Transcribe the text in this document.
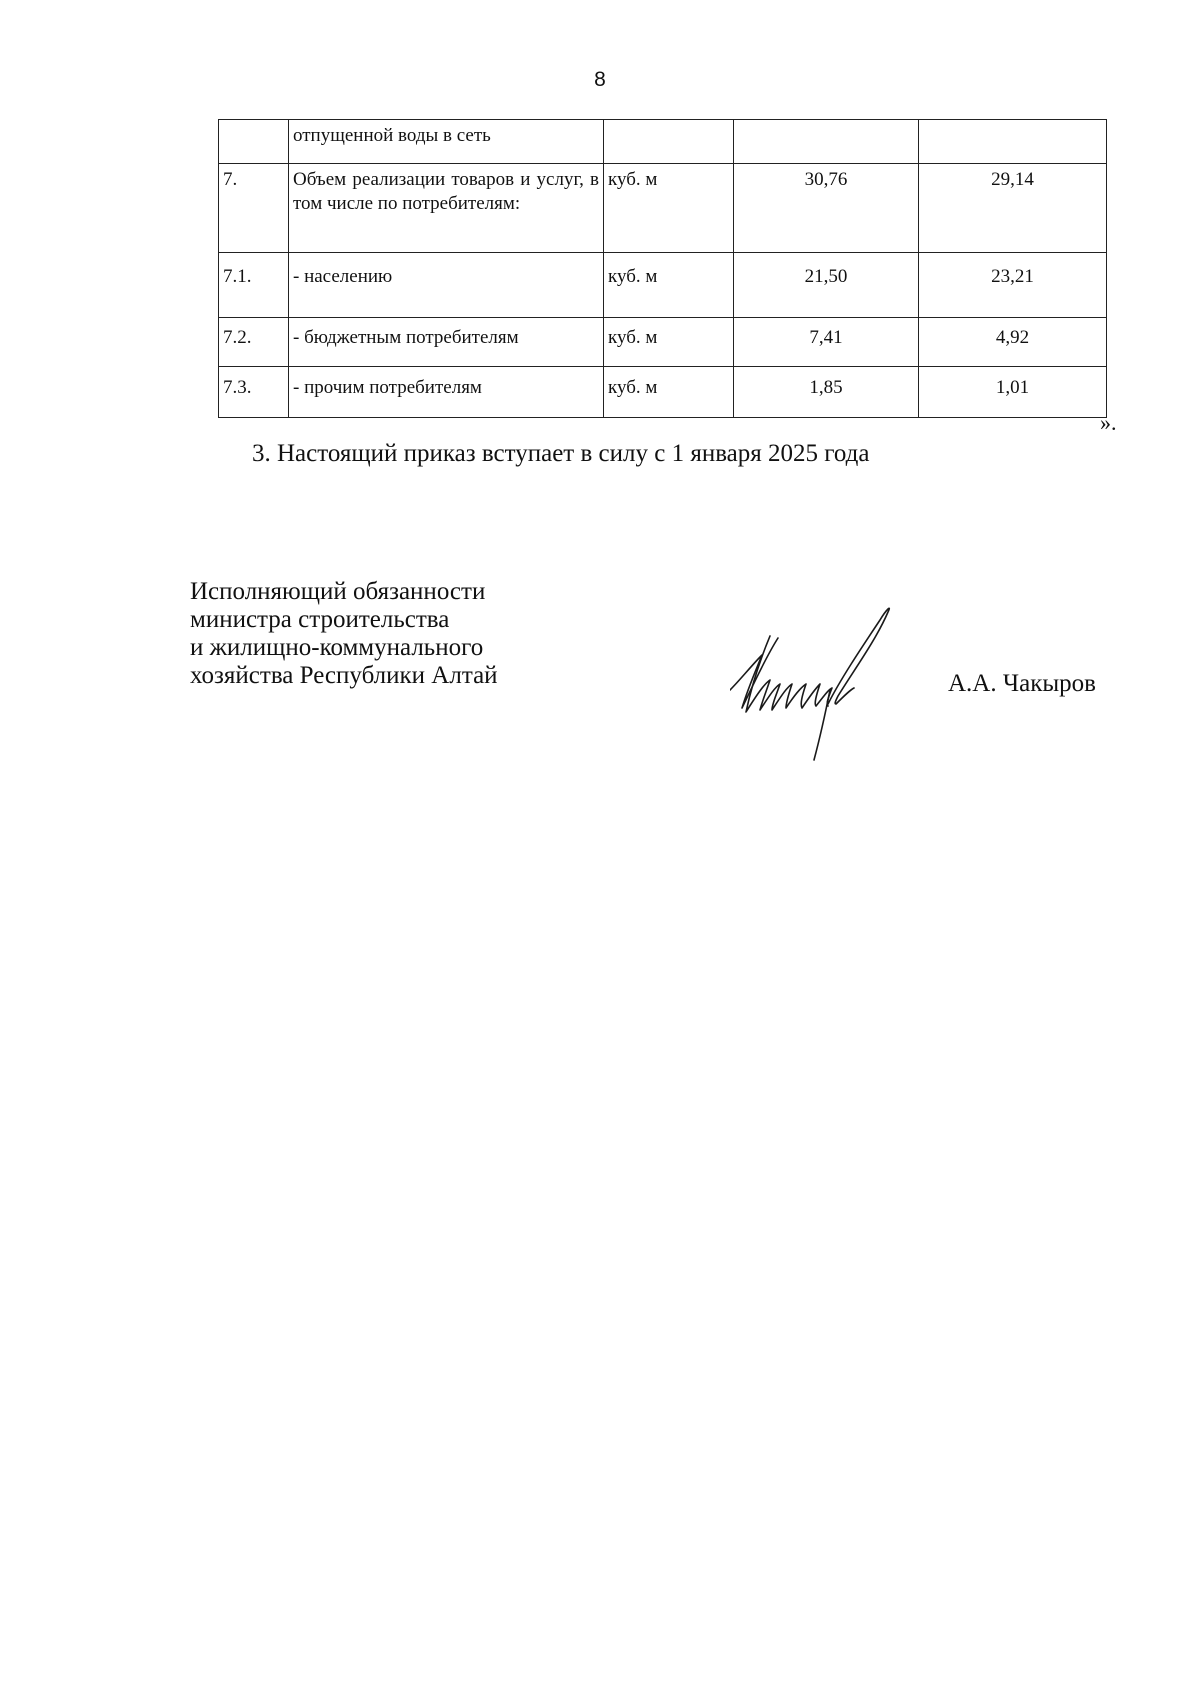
8
	отпущенной воды в сеть			
7.	Объем реализации товаров и услуг, в том числе по потребителям:	куб. м	30,76	29,14
7.1.	- населению	куб. м	21,50	23,21
7.2.	- бюджетным потребителям	куб. м	7,41	4,92
7.3.	- прочим потребителям	куб. м	1,85	1,01
».
3. Настоящий приказ вступает в силу с 1 января 2025 года
Исполняющий обязанности
министра строительства
и жилищно-коммунального
хозяйства Республики Алтай	А.А. Чакыров
